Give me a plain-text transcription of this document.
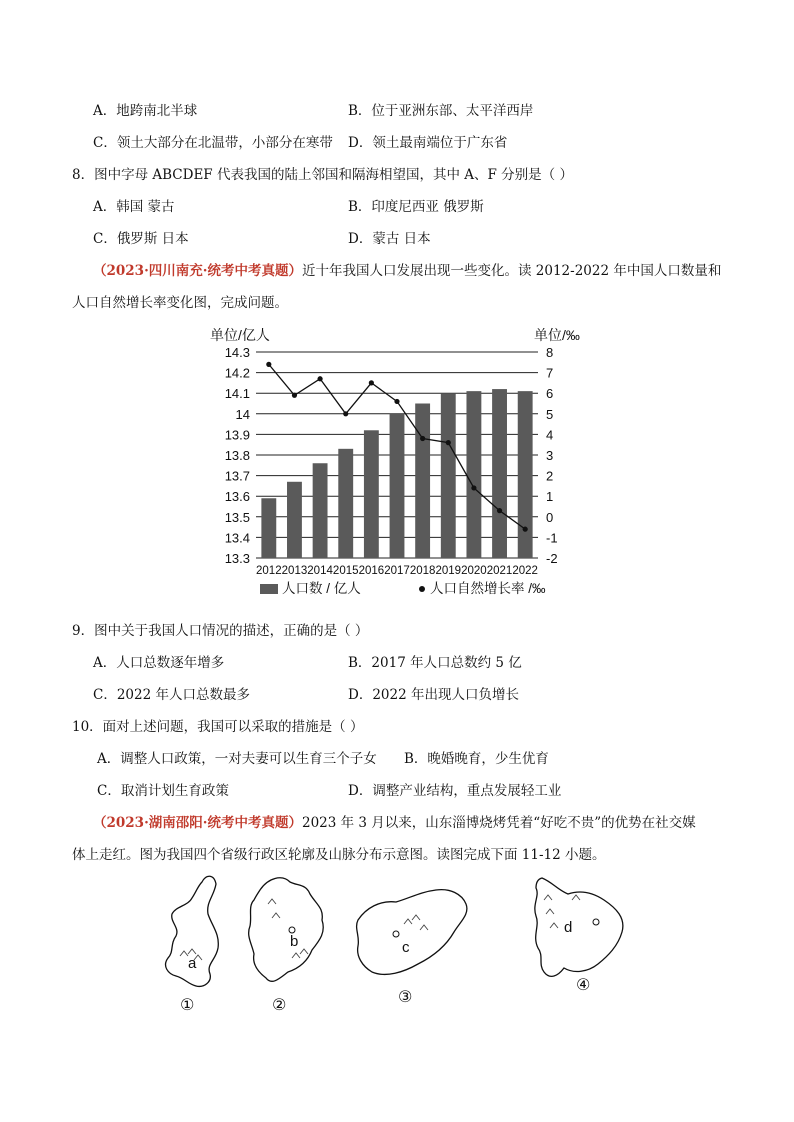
A．地跨南北半球	B．位于亚洲东部、太平洋西岸
C．领土大部分在北温带，小部分在寒带 D．领土最南端位于广东省
8．图中字母 ABCDEF 代表我国的陆上邻国和隔海相望国，其中 A、F 分别是（ ）
A．韩国 蒙古	B．印度尼西亚 俄罗斯
C．俄罗斯 日本	D．蒙古 日本
（2023·四川南充·统考中考真题）近十年我国人口发展出现一些变化。读 2012-2022 年中国人口数量和
人口自然增长率变化图，完成问题。
单位/亿人	单位/‰
13.3
13.4
13.5
13.6
13.7
13.8
13.9
14
14.1
14.2
14.3
-2
-1
0
1
2
3
4
5
6
7
8
2012 2013 2014 2015 2016 2017 2018 2019 2020 2021 2022
人口数 / 亿人	人口自然增长率 /‰
9．图中关于我国人口情况的描述，正确的是（ ）
A．人口总数逐年增多	B．2017 年人口总数约 5 亿
C．2022 年人口总数最多	D．2022 年出现人口负增长
10．面对上述问题，我国可以采取的措施是（ ）
A．调整人口政策，一对夫妻可以生育三个子女 B．晚婚晚育，少生优育
C．取消计划生育政策	D．调整产业结构，重点发展轻工业
（2023·湖南邵阳·统考中考真题）2023 年 3 月以来，山东淄博烧烤凭着“好吃不贵”的优势在社交媒
体上走红。图为我国四个省级行政区轮廓及山脉分布示意图。读图完成下面 11-12 小题。
a
b	c
d
①	②	③
④
